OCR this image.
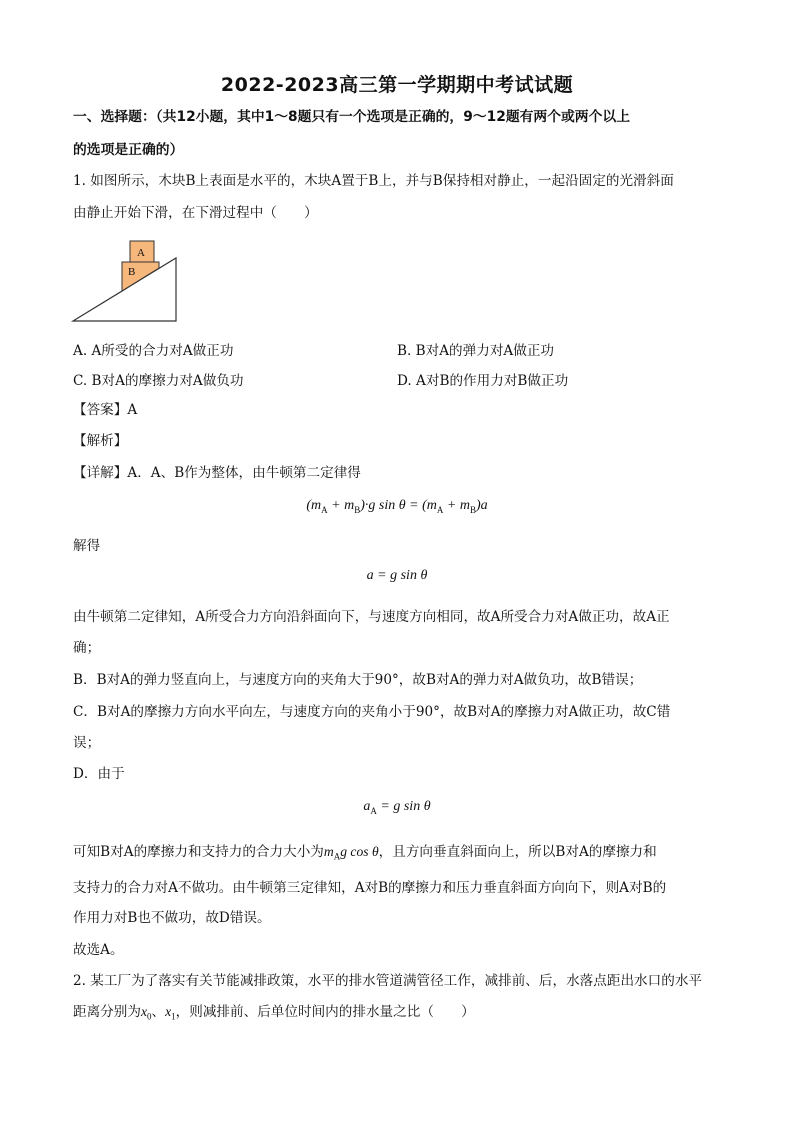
2022-2023高三第一学期期中考试试题
一、选择题：（共12小题，其中1～8题只有一个选项是正确的，9～12题有两个或两个以上
的选项是正确的）
1. 如图所示，木块B上表面是水平的，木块A置于B上，并与B保持相对静止，一起沿固定的光滑斜面
由静止开始下滑，在下滑过程中（　　）
A
B
A. A所受的合力对A做正功	B. B对A的弹力对A做正功
C. B对A的摩擦力对A做负功	D. A对B的作用力对B做正功
【答案】A
【解析】
【详解】A．A、B作为整体，由牛顿第二定律得
$(m_A + m_B)\cdot g$ $\sin \theta = (m_A + m_B)a$
解得
a = g sin θ
由牛顿第二定律知，A所受合力方向沿斜面向下，与速度方向相同，故A所受合力对A做正功，故A正
确；
B．B对A的弹力竖直向上，与速度方向的夹角大于90°，故B对A的弹力对A做负功，故B错误；
C．B对A的摩擦力方向水平向左，与速度方向的夹角小于90°，故B对A的摩擦力对A做正功，故C错
误；
D．由于
$a_A = g$ sin θ
可知B对A的摩擦力和支持力的合力大小为$m_Ag$ cos θ，且方向垂直斜面向上，所以B对A的摩擦力和
支持力的合力对A不做功。由牛顿第三定律知，A对B的摩擦力和压力垂直斜面方向向下，则A对B的
作用力对B也不做功，故D错误。
故选A。
2. 某工厂为了落实有关节能减排政策，水平的排水管道满管径工作，减排前、后，水落点距出水口的水平
距离分别为$x_0$、$x_1$，则减排前、后单位时间内的排水量之比（　　）
